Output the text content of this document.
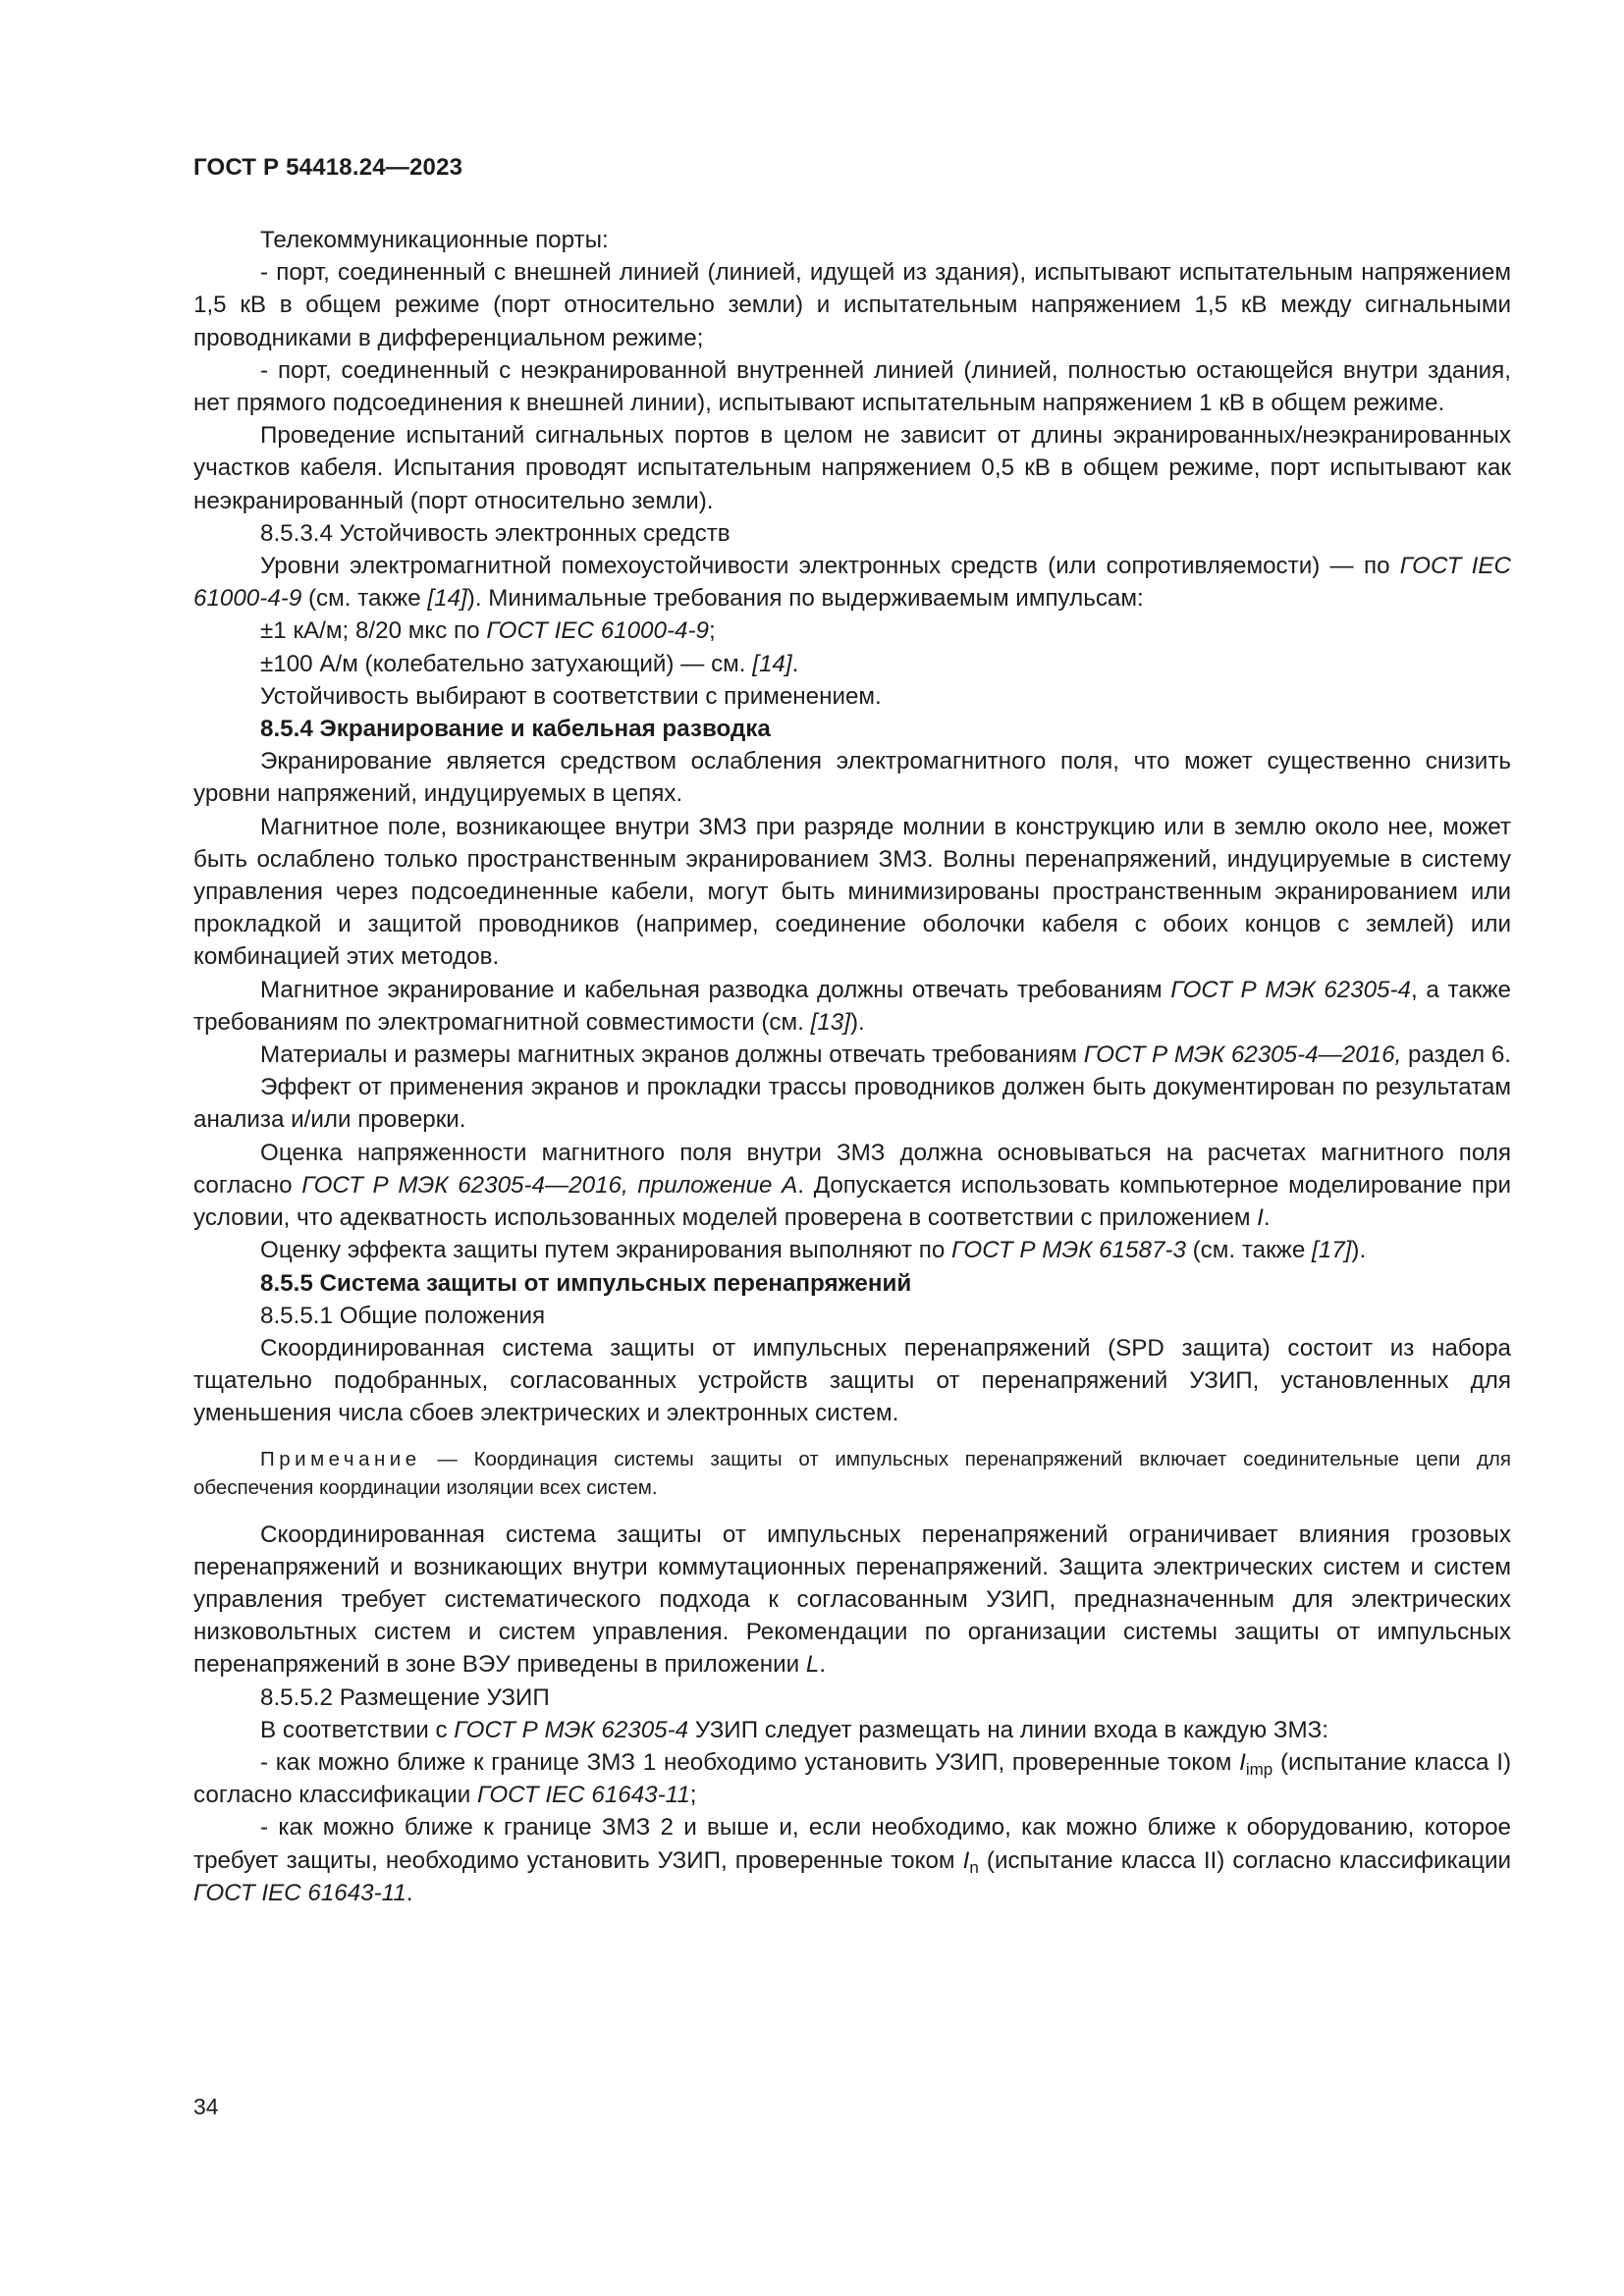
ГОСТ Р 54418.24—2023

Телекоммуникационные порты:

- порт, соединенный с внешней линией (линией, идущей из здания), испытывают испытательным напряжением 1,5 кВ в общем режиме (порт относительно земли) и испытательным напряжением 1,5 кВ между сигнальными проводниками в дифференциальном режиме;

- порт, соединенный с неэкранированной внутренней линией (линией, полностью остающейся внутри здания, нет прямого подсоединения к внешней линии), испытывают испытательным напряжением 1 кВ в общем режиме.

Проведение испытаний сигнальных портов в целом не зависит от длины экранированных/неэкранированных участков кабеля. Испытания проводят испытательным напряжением 0,5 кВ в общем режиме, порт испытывают как неэкранированный (порт относительно земли).

8.5.3.4 Устойчивость электронных средств

Уровни электромагнитной помехоустойчивости электронных средств (или сопротивляемости) — по ГОСТ IEC 61000-4-9 (см. также [14]). Минимальные требования по выдерживаемым импульсам:

±1 кА/м; 8/20 мкс по ГОСТ IEC 61000-4-9;

±100 А/м (колебательно затухающий) — см. [14].

Устойчивость выбирают в соответствии с применением.

8.5.4 Экранирование и кабельная разводка

Экранирование является средством ослабления электромагнитного поля, что может существенно снизить уровни напряжений, индуцируемых в цепях.

Магнитное поле, возникающее внутри ЗМЗ при разряде молнии в конструкцию или в землю около нее, может быть ослаблено только пространственным экранированием ЗМЗ. Волны перенапряжений, индуцируемые в систему управления через подсоединенные кабели, могут быть минимизированы пространственным экранированием или прокладкой и защитой проводников (например, соединение оболочки кабеля с обоих концов с землей) или комбинацией этих методов.

Магнитное экранирование и кабельная разводка должны отвечать требованиям ГОСТ Р МЭК 62305-4, а также требованиям по электромагнитной совместимости (см. [13]).

Материалы и размеры магнитных экранов должны отвечать требованиям ГОСТ Р МЭК 62305-4—2016, раздел 6.

Эффект от применения экранов и прокладки трассы проводников должен быть документирован по результатам анализа и/или проверки.

Оценка напряженности магнитного поля внутри ЗМЗ должна основываться на расчетах магнитного поля согласно ГОСТ Р МЭК 62305-4—2016, приложение А. Допускается использовать компьютерное моделирование при условии, что адекватность использованных моделей проверена в соответствии с приложением I.

Оценку эффекта защиты путем экранирования выполняют по ГОСТ Р МЭК 61587-3 (см. также [17]).

8.5.5 Система защиты от импульсных перенапряжений

8.5.5.1 Общие положения

Скоординированная система защиты от импульсных перенапряжений (SPD защита) состоит из набора тщательно подобранных, согласованных устройств защиты от перенапряжений УЗИП, установленных для уменьшения числа сбоев электрических и электронных систем.

Примечание — Координация системы защиты от импульсных перенапряжений включает соединительные цепи для обеспечения координации изоляции всех систем.

Скоординированная система защиты от импульсных перенапряжений ограничивает влияния грозовых перенапряжений и возникающих внутри коммутационных перенапряжений. Защита электрических систем и систем управления требует систематического подхода к согласованным УЗИП, предназначенным для электрических низковольтных систем и систем управления. Рекомендации по организации системы защиты от импульсных перенапряжений в зоне ВЭУ приведены в приложении L.

8.5.5.2 Размещение УЗИП

В соответствии с ГОСТ Р МЭК 62305-4 УЗИП следует размещать на линии входа в каждую ЗМЗ:

- как можно ближе к границе ЗМЗ 1 необходимо установить УЗИП, проверенные током $I_{imp}$ (испытание класса I) согласно классификации ГОСТ IEC 61643-11;

- как можно ближе к границе ЗМЗ 2 и выше и, если необходимо, как можно ближе к оборудованию, которое требует защиты, необходимо установить УЗИП, проверенные током $I_n$ (испытание класса II) согласно классификации ГОСТ IEC 61643-11.

34
